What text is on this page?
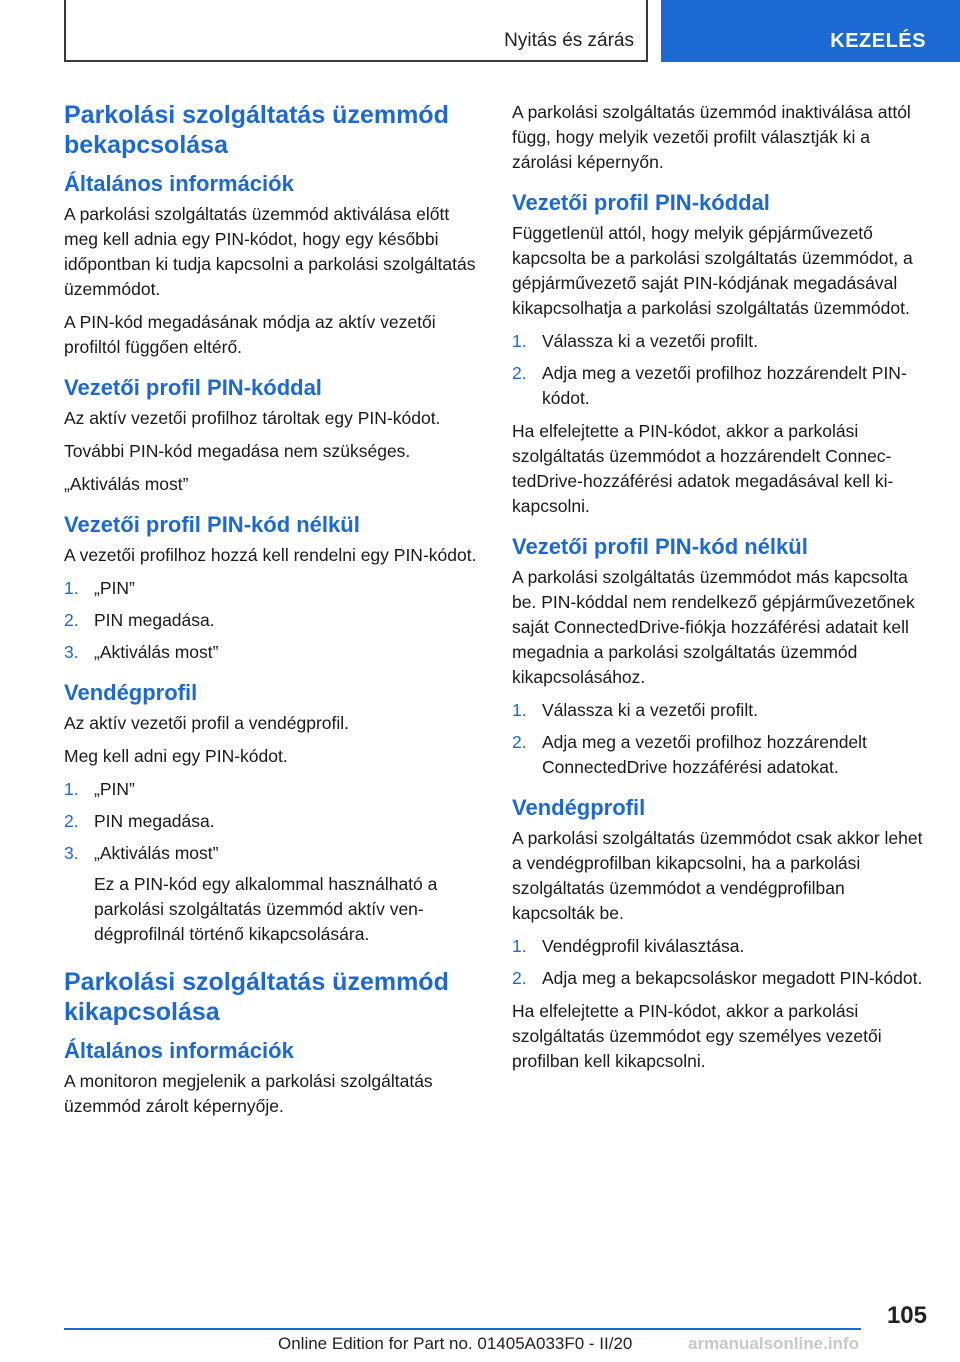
Nyitás és zárás	KEZELÉS
Parkolási szolgáltatás üzemmód bekapcsolása
Általános információk

A parkolási szolgáltatás üzemmód aktiválása előtt meg kell adnia egy PIN-kódot, hogy egy későbbi időpontban ki tudja kapcsolni a parkolási szolgáltatás üzemmódot.

A PIN-kód megadásának módja az aktív vezetői profiltól függően eltérő.

Vezetői profil PIN-kóddal

Az aktív vezetői profilhoz tároltak egy PIN-kódot.

További PIN-kód megadása nem szükséges.

„Aktiválás most”

Vezetői profil PIN-kód nélkül

A vezetői profilhoz hozzá kell rendelni egy PIN-kódot.

1. „PIN”
2. PIN megadása.
3. „Aktiválás most”
Vendégprofil

Az aktív vezetői profil a vendégprofil.

Meg kell adni egy PIN-kódot.

1. „PIN”
2. PIN megadása.
3. „Aktiválás most”

Ez a PIN-kód egy alkalommal használható a parkolási szolgáltatás üzemmód aktív vendégprofilnál történő kikapcsolására.

Parkolási szolgáltatás üzemmód kikapcsolása
Általános információk

A monitoron megjelenik a parkolási szolgáltatás üzemmód zárolt képernyője.

A parkolási szolgáltatás üzemmód inaktiválása attól függ, hogy melyik vezetői profilt választják ki a zárolási képernyőn.

Vezetői profil PIN-kóddal

Függetlenül attól, hogy melyik gépjárművezető kapcsolta be a parkolási szolgáltatás üzemmódot, a gépjárművezető saját PIN-kódjának megadásával kikapcsolhatja a parkolási szolgáltatás üzemmódot.

1. Válassza ki a vezetői profilt.
2. Adja meg a vezetői profilhoz hozzárendelt PIN-kódot.

Ha elfelejtette a PIN-kódot, akkor a parkolási szolgáltatás üzemmódot a hozzárendelt ConnectedDrive-hozzáférési adatok megadásával kell kikapcsolni.

Vezetői profil PIN-kód nélkül

A parkolási szolgáltatás üzemmódot más kapcsolta be. PIN-kóddal nem rendelkező gépjárművezetőnek saját ConnectedDrive-fiókja hozzáférési adatait kell megadnia a parkolási szolgáltatás üzemmód kikapcsolásához.

1. Válassza ki a vezetői profilt.
2. Adja meg a vezetői profilhoz hozzárendelt ConnectedDrive hozzáférési adatokat.
Vendégprofil

A parkolási szolgáltatás üzemmódot csak akkor lehet a vendégprofilban kikapcsolni, ha a parkolási szolgáltatás üzemmódot a vendégprofilban kapcsolták be.

1. Vendégprofil kiválasztása.
2. Adja meg a bekapcsoláskor megadott PIN-kódot.

Ha elfelejtette a PIN-kódot, akkor a parkolási szolgáltatás üzemmódot egy személyes vezetői profilban kell kikapcsolni.

105
Online Edition for Part no. 01405A033F0 - II/20	armanualsonline.info
